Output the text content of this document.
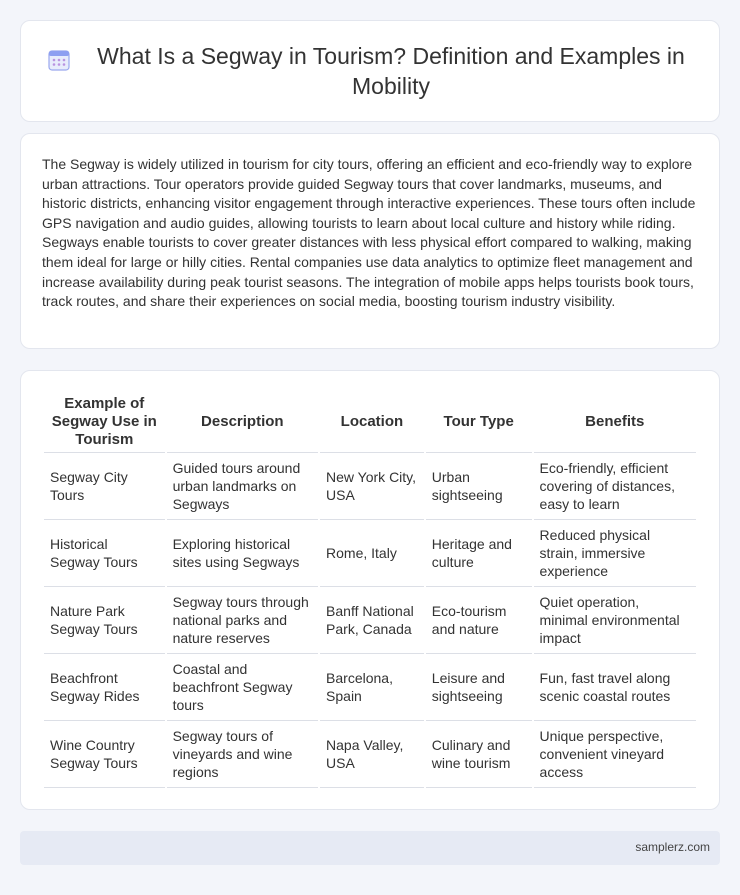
What Is a Segway in Tourism? Definition and Examples in Mobility

The Segway is widely utilized in tourism for city tours, offering an efficient and eco-friendly way to explore urban attractions. Tour operators provide guided Segway tours that cover landmarks, museums, and historic districts, enhancing visitor engagement through interactive experiences. These tours often include GPS navigation and audio guides, allowing tourists to learn about local culture and history while riding. Segways enable tourists to cover greater distances with less physical effort compared to walking, making them ideal for large or hilly cities. Rental companies use data analytics to optimize fleet management and increase availability during peak tourist seasons. The integration of mobile apps helps tourists book tours, track routes, and share their experiences on social media, boosting tourism industry visibility.

Example of Segway Use in Tourism	Description	Location	Tour Type	Benefits
Segway City Tours	Guided tours around urban landmarks on Segways	New York City, USA	Urban sightseeing	Eco-friendly, efficient covering of distances, easy to learn
Historical Segway Tours	Exploring historical sites using Segways	Rome, Italy	Heritage and culture	Reduced physical strain, immersive experience
Nature Park Segway Tours	Segway tours through national parks and nature reserves	Banff National Park, Canada	Eco-tourism and nature	Quiet operation, minimal environmental impact
Beachfront Segway Rides	Coastal and beachfront Segway tours	Barcelona, Spain	Leisure and sightseeing	Fun, fast travel along scenic coastal routes
Wine Country Segway Tours	Segway tours of vineyards and wine regions	Napa Valley, USA	Culinary and wine tourism	Unique perspective, convenient vineyard access
samplerz.com
